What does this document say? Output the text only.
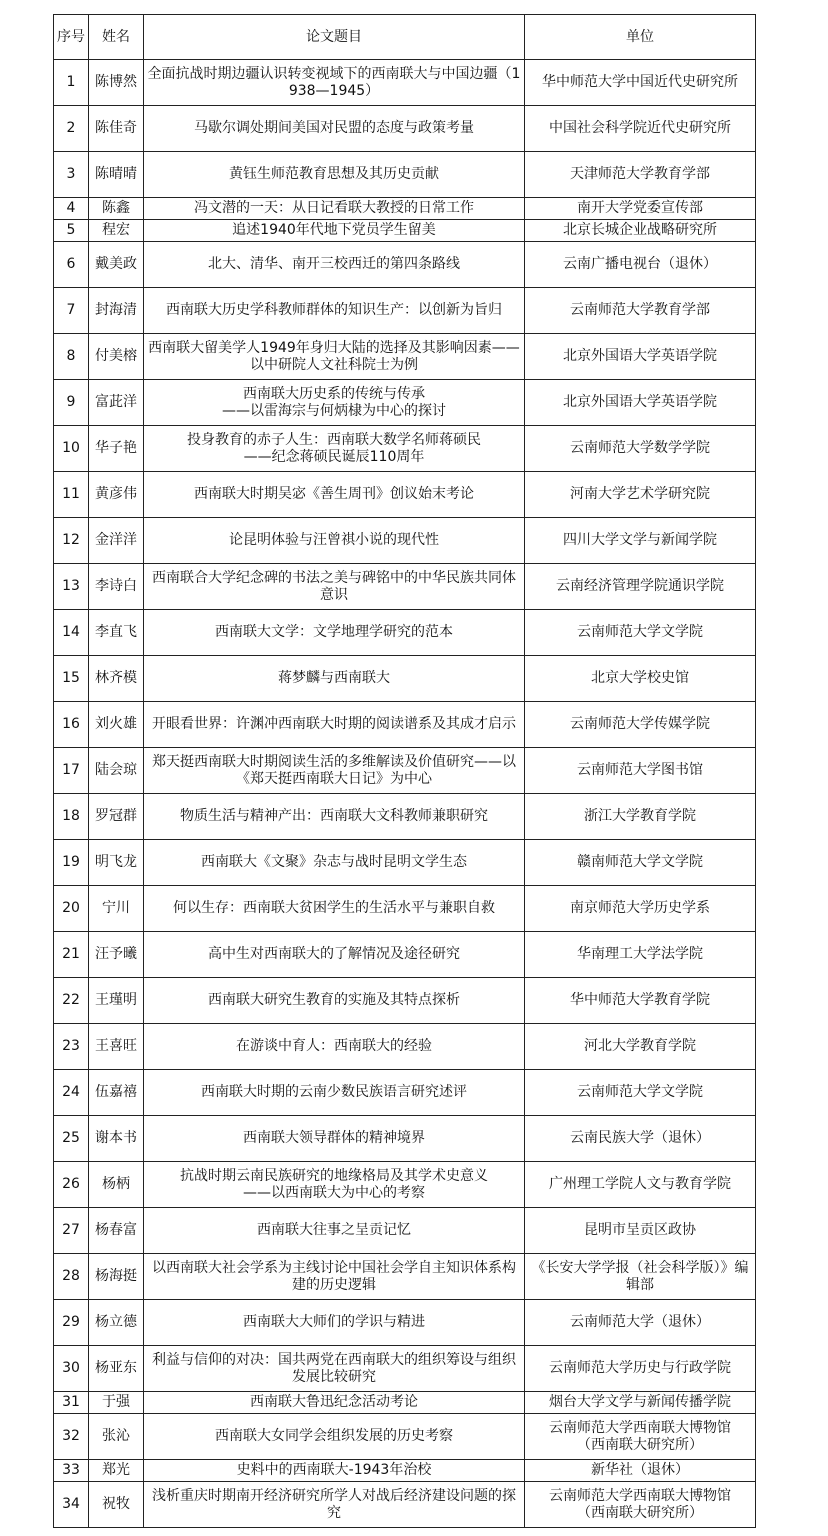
序号	姓名	论文题目	单位
1	陈博然	全面抗战时期边疆认识转变视域下的西南联大与中国边疆（1938—1945）	华中师范大学中国近代史研究所
2	陈佳奇	马歇尔调处期间美国对民盟的态度与政策考量	中国社会科学院近代史研究所
3	陈晴晴	黄钰生师范教育思想及其历史贡献	天津师范大学教育学部
4	陈鑫	冯文潜的一天：从日记看联大教授的日常工作	南开大学党委宣传部
5	程宏	追述1940年代地下党员学生留美	北京长城企业战略研究所
6	戴美政	北大、清华、南开三校西迁的第四条路线	云南广播电视台（退休）
7	封海清	西南联大历史学科教师群体的知识生产：以创新为旨归	云南师范大学教育学部
8	付美榕	西南联大留美学人1949年身归大陆的选择及其影响因素——以中研院人文社科院士为例	北京外国语大学英语学院
9	富茈洋	西南联大历史系的传统与传承
——以雷海宗与何炳棣为中心的探讨	北京外国语大学英语学院
10	华子艳	投身教育的赤子人生：西南联大数学名师蒋硕民
——纪念蒋硕民诞辰110周年	云南师范大学数学学院
11	黄彦伟	西南联大时期吴宓《善生周刊》创议始末考论	河南大学艺术学研究院
12	金洋洋	论昆明体验与汪曾祺小说的现代性	四川大学文学与新闻学院
13	李诗白	西南联合大学纪念碑的书法之美与碑铭中的中华民族共同体意识	云南经济管理学院通识学院
14	李直飞	西南联大文学：文学地理学研究的范本	云南师范大学文学院
15	林齐模	蒋梦麟与西南联大	北京大学校史馆
16	刘火雄	开眼看世界：许渊冲西南联大时期的阅读谱系及其成才启示	云南师范大学传媒学院
17	陆会琼	郑天挺西南联大时期阅读生活的多维解读及价值研究——以《郑天挺西南联大日记》为中心	云南师范大学图书馆
18	罗冠群	物质生活与精神产出：西南联大文科教师兼职研究	浙江大学教育学院
19	明飞龙	西南联大《文聚》杂志与战时昆明文学生态	赣南师范大学文学院
20	宁川	何以生存：西南联大贫困学生的生活水平与兼职自救	南京师范大学历史学系
21	汪予曦	高中生对西南联大的了解情况及途径研究	华南理工大学法学院
22	王瑾明	西南联大研究生教育的实施及其特点探析	华中师范大学教育学院
23	王喜旺	在游谈中育人：西南联大的经验	河北大学教育学院
24	伍嘉禧	西南联大时期的云南少数民族语言研究述评	云南师范大学文学院
25	谢本书	西南联大领导群体的精神境界	云南民族大学（退休）
26	杨柄	抗战时期云南民族研究的地缘格局及其学术史意义
——以西南联大为中心的考察	广州理工学院人文与教育学院
27	杨春富	西南联大往事之呈贡记忆	昆明市呈贡区政协
28	杨海挺	以西南联大社会学系为主线讨论中国社会学自主知识体系构建的历史逻辑	《长安大学学报（社会科学版）》编辑部
29	杨立德	西南联大大师们的学识与精进	云南师范大学（退休）
30	杨亚东	利益与信仰的对决：国共两党在西南联大的组织筹设与组织发展比较研究	云南师范大学历史与行政学院
31	于强	西南联大鲁迅纪念活动考论	烟台大学文学与新闻传播学院
32	张沁	西南联大女同学会组织发展的历史考察	云南师范大学西南联大博物馆
（西南联大研究所）
33	郑光	史料中的西南联大-1943年治校	新华社（退休）
34	祝牧	浅析重庆时期南开经济研究所学人对战后经济建设问题的探究	云南师范大学西南联大博物馆
（西南联大研究所）
